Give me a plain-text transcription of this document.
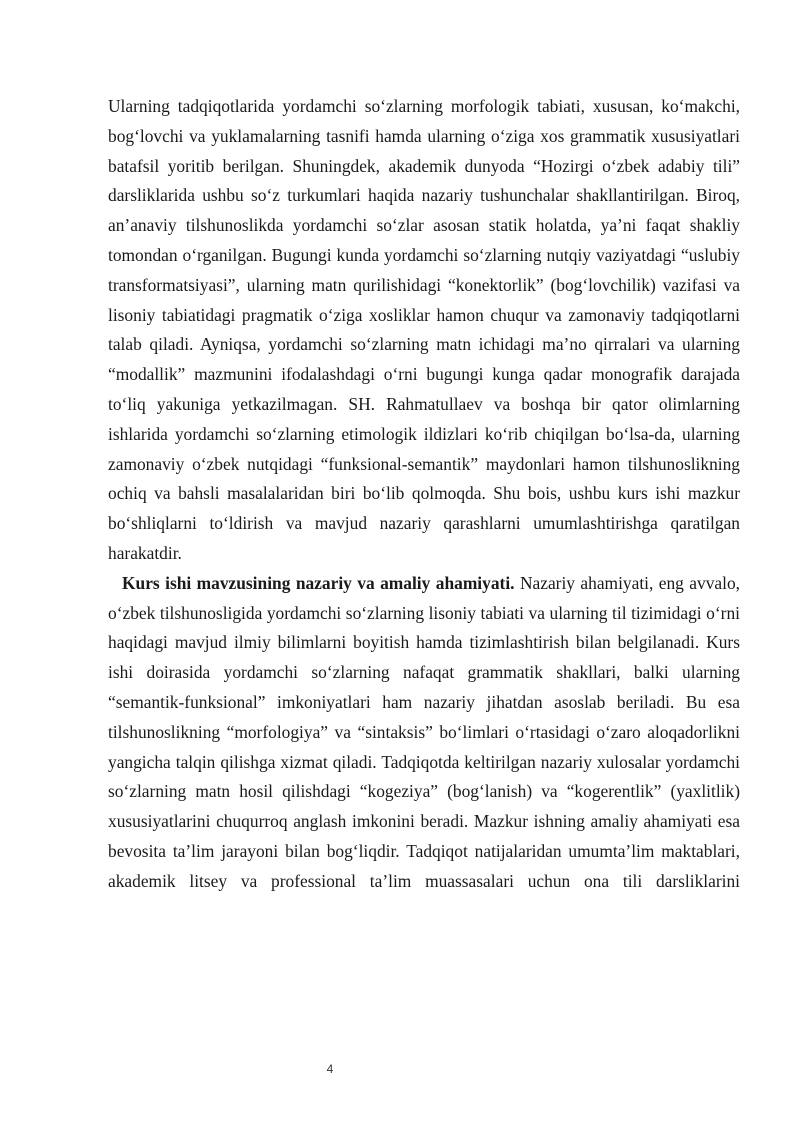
Ularning tadqiqotlarida yordamchi so‘zlarning morfologik tabiati, xususan, ko‘makchi, bog‘lovchi va yuklamalarning tasnifi hamda ularning o‘ziga xos grammatik xususiyatlari batafsil yoritib berilgan. Shuningdek, akademik dunyoda “Hozirgi o‘zbek adabiy tili” darsliklarida ushbu so‘z turkumlari haqida nazariy tushunchalar shakllantirilgan. Biroq, an’anaviy tilshunoslikda yordamchi so‘zlar asosan statik holatda, ya’ni faqat shakliy tomondan o‘rganilgan. Bugungi kunda yordamchi so‘zlarning nutqiy vaziyatdagi “uslubiy transformatsiyasi”, ularning matn qurilishidagi “konektorlik” (bog‘lovchilik) vazifasi va lisoniy tabiatidagi pragmatik o‘ziga xosliklar hamon chuqur va zamonaviy tadqiqotlarni talab qiladi. Ayniqsa, yordamchi so‘zlarning matn ichidagi ma’no qirralari va ularning “modallik” mazmunini ifodalashdagi o‘rni bugungi kunga qadar monografik darajada to‘liq yakuniga yetkazilmagan. SH. Rahmatullaev va boshqa bir qator olimlarning ishlarida yordamchi so‘zlarning etimologik ildizlari ko‘rib chiqilgan bo‘lsa-da, ularning zamonaviy o‘zbek nutqidagi “funksional-semantik” maydonlari hamon tilshunoslikning ochiq va bahsli masalalaridan biri bo‘lib qolmoqda. Shu bois, ushbu kurs ishi mazkur bo‘shliqlarni to‘ldirish va mavjud nazariy qarashlarni umumlashtirishga qaratilgan harakatdir.

Kurs ishi mavzusining nazariy va amaliy ahamiyati. Nazariy ahamiyati, eng avvalo, o‘zbek tilshunosligida yordamchi so‘zlarning lisoniy tabiati va ularning til tizimidagi o‘rni haqidagi mavjud ilmiy bilimlarni boyitish hamda tizimlashtirish bilan belgilanadi. Kurs ishi doirasida yordamchi so‘zlarning nafaqat grammatik shakllari, balki ularning “semantik-funksional” imkoniyatlari ham nazariy jihatdan asoslab beriladi. Bu esa tilshunoslikning “morfologiya” va “sintaksis” bo‘limlari o‘rtasidagi o‘zaro aloqadorlikni yangicha talqin qilishga xizmat qiladi. Tadqiqotda keltirilgan nazariy xulosalar yordamchi so‘zlarning matn hosil qilishdagi “kogeziya” (bog‘lanish) va “kogerentlik” (yaxlitlik) xususiyatlarini chuqurroq anglash imkonini beradi. Mazkur ishning amaliy ahamiyati esa bevosita ta’lim jarayoni bilan bog‘liqdir. Tadqiqot natijalaridan umumta’lim maktablari, akademik litsey va professional ta’lim muassasalari uchun ona tili darsliklarini

4
